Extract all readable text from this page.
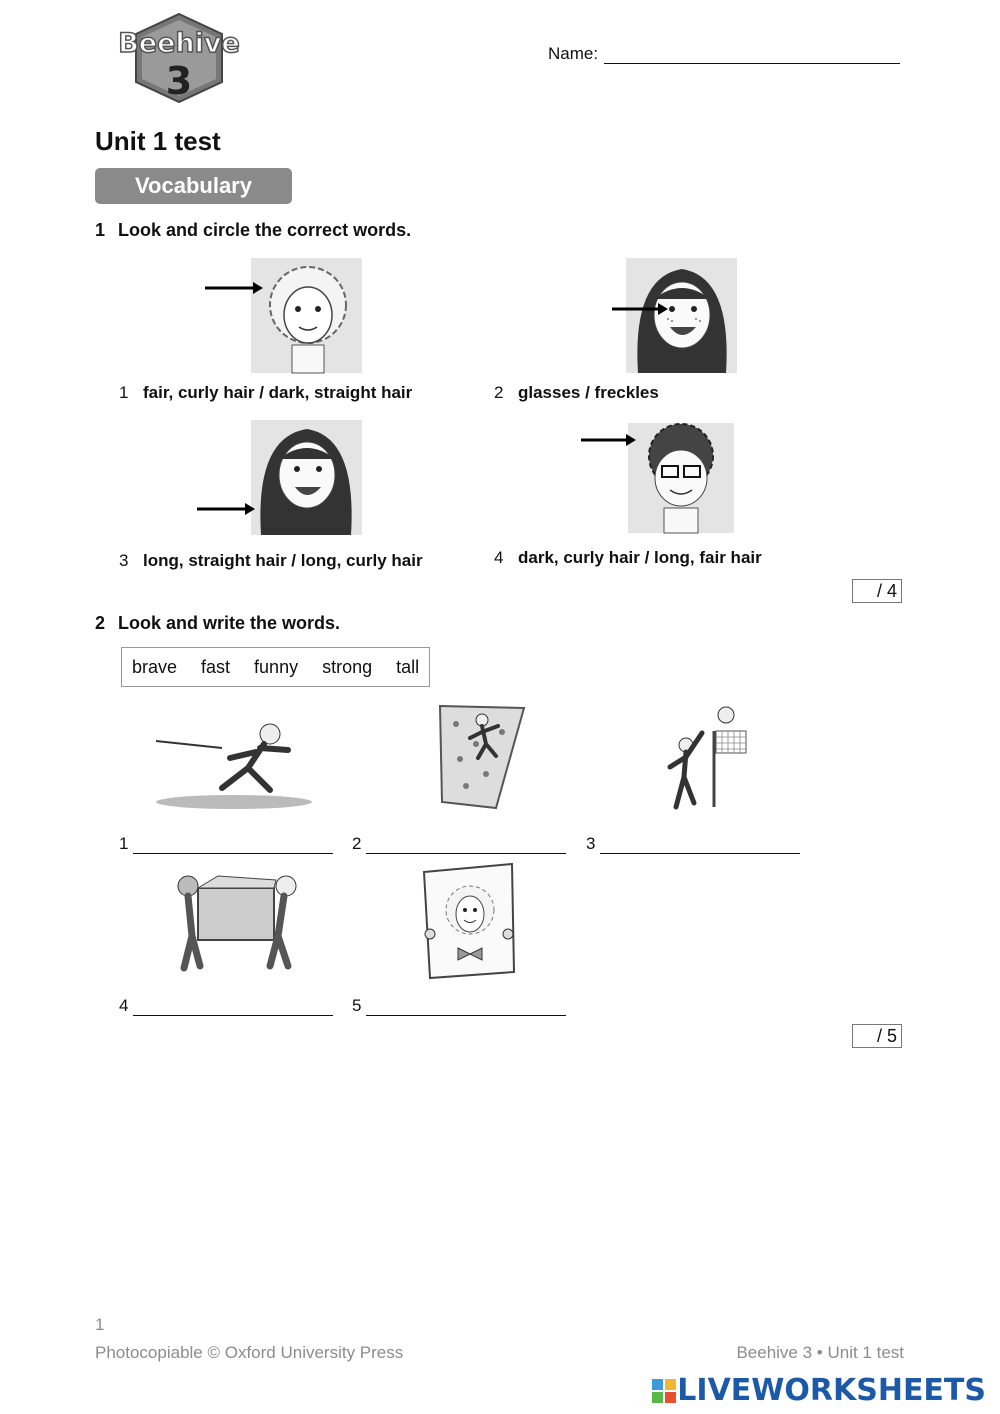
Beehive
3
Name:
Unit 1 test
Vocabulary
1 Look and circle the correct words.
1 fair, curly hair / dark, straight hair	2 glasses / freckles
3 long, straight hair / long, curly hair	4 dark, curly hair / long, fair hair
/ 4
2 Look and write the words.
brave fast funny strong tall
1	2	3
4	5
/ 5
1
Photocopiable © Oxford University Press	Beehive 3 • Unit 1 test
LIVEWORKSHEETS
